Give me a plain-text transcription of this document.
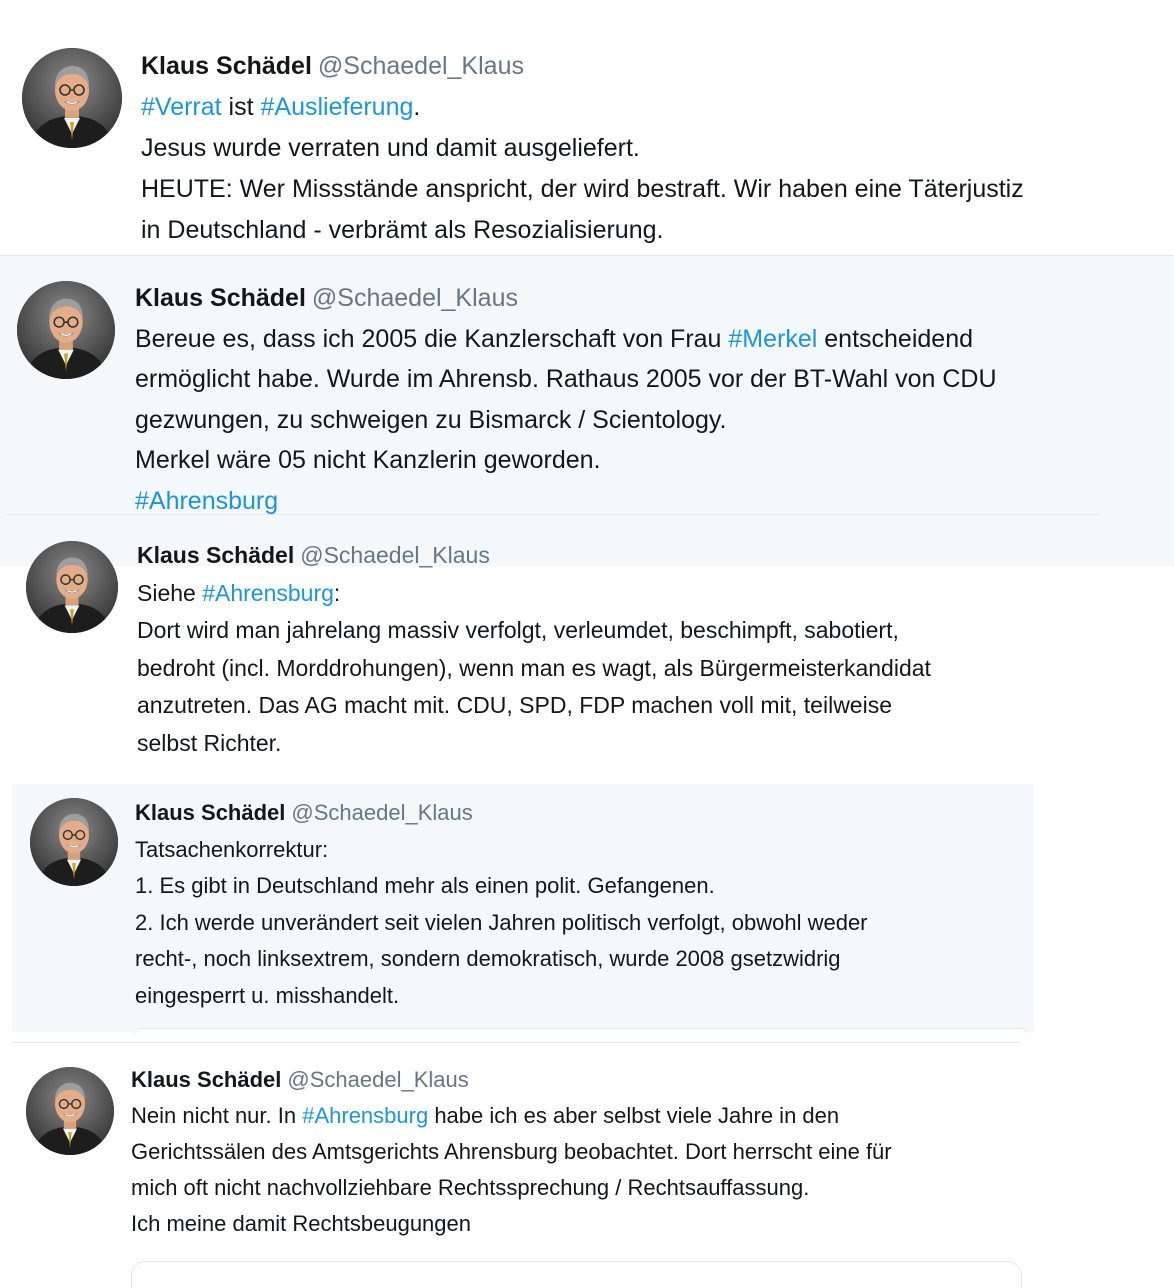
Klaus Schädel @Schaedel_Klaus
#Verrat ist #Auslieferung.
Jesus wurde verraten und damit ausgeliefert.
HEUTE: Wer Missstände anspricht, der wird bestraft. Wir haben eine Täterjustiz
in Deutschland - verbrämt als Resozialisierung.
Klaus Schädel @Schaedel_Klaus
Bereue es, dass ich 2005 die Kanzlerschaft von Frau #Merkel entscheidend
ermöglicht habe. Wurde im Ahrensb. Rathaus 2005 vor der BT-Wahl von CDU
gezwungen, zu schweigen zu Bismarck / Scientology.
Merkel wäre 05 nicht Kanzlerin geworden.
#Ahrensburg
Klaus Schädel @Schaedel_Klaus
Siehe #Ahrensburg:
Dort wird man jahrelang massiv verfolgt, verleumdet, beschimpft, sabotiert,
bedroht (incl. Morddrohungen), wenn man es wagt, als Bürgermeisterkandidat
anzutreten. Das AG macht mit. CDU, SPD, FDP machen voll mit, teilweise
selbst Richter.
Klaus Schädel @Schaedel_Klaus
Tatsachenkorrektur:
1. Es gibt in Deutschland mehr als einen polit. Gefangenen.
2. Ich werde unverändert seit vielen Jahren politisch verfolgt, obwohl weder
recht-, noch linksextrem, sondern demokratisch, wurde 2008 gsetzwidrig
eingesperrt u. misshandelt.
Klaus Schädel @Schaedel_Klaus
Nein nicht nur. In #Ahrensburg habe ich es aber selbst viele Jahre in den
Gerichtssälen des Amtsgerichts Ahrensburg beobachtet. Dort herrscht eine für
mich oft nicht nachvollziehbare Rechtssprechung / Rechtsauffassung.
Ich meine damit Rechtsbeugungen
